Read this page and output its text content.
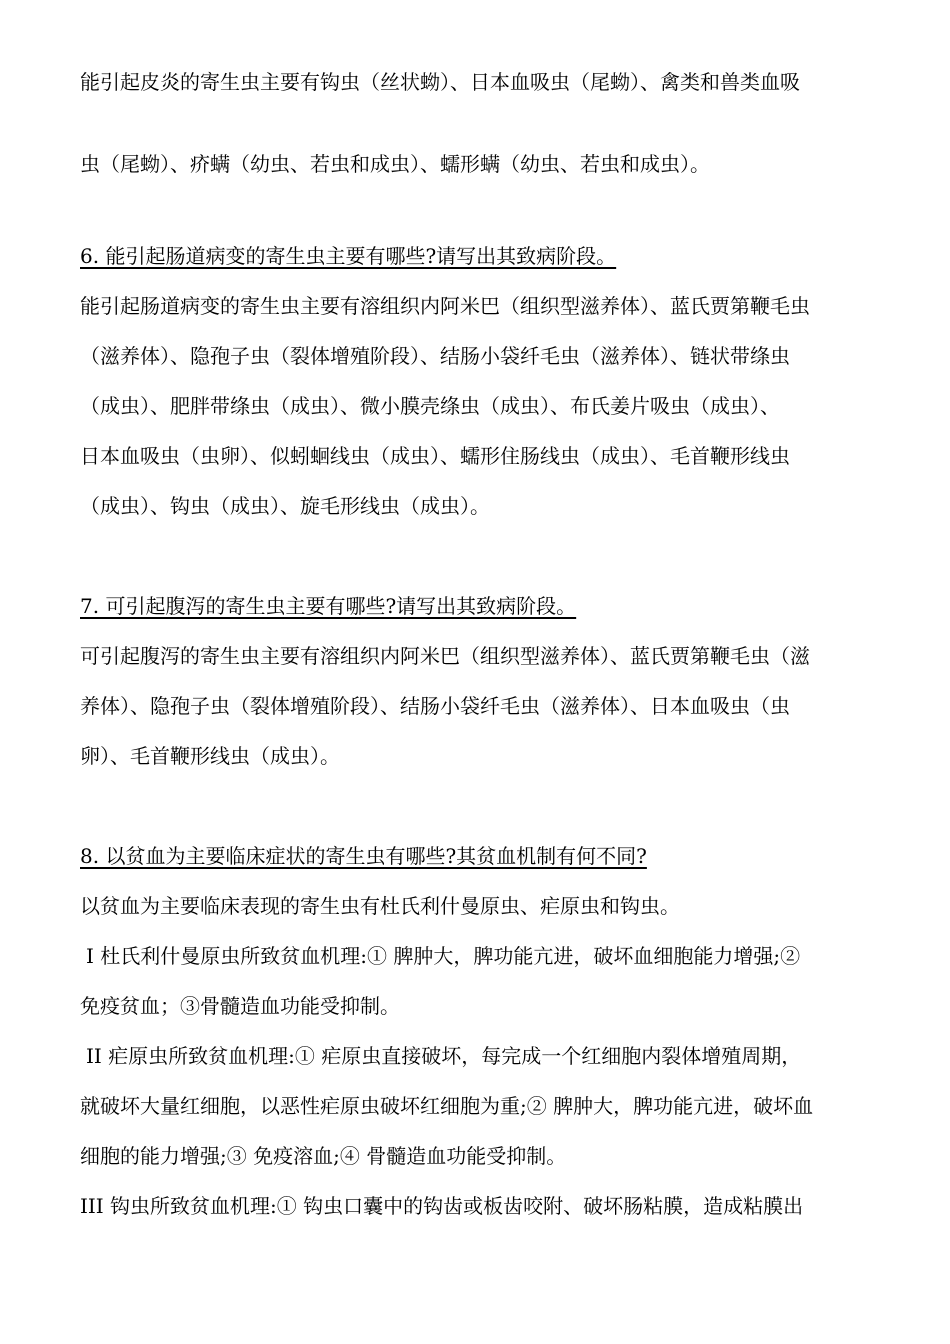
能引起皮炎的寄生虫主要有钩虫（丝状蚴）、日本血吸虫（尾蚴）、禽类和兽类血吸
虫（尾蚴）、疥螨（幼虫、若虫和成虫）、蠕形螨（幼虫、若虫和成虫）。
6. 能引起肠道病变的寄生虫主要有哪些?请写出其致病阶段。
能引起肠道病变的寄生虫主要有溶组织内阿米巴（组织型滋养体）、蓝氏贾第鞭毛虫
（滋养体）、隐孢子虫（裂体增殖阶段）、结肠小袋纤毛虫（滋养体）、链状带绦虫
（成虫）、肥胖带绦虫（成虫）、微小膜壳绦虫（成虫）、布氏姜片吸虫（成虫）、
日本血吸虫（虫卵）、似蚓蛔线虫（成虫）、蠕形住肠线虫（成虫）、毛首鞭形线虫
（成虫）、钩虫（成虫）、旋毛形线虫（成虫）。
7. 可引起腹泻的寄生虫主要有哪些?请写出其致病阶段。
可引起腹泻的寄生虫主要有溶组织内阿米巴（组织型滋养体）、蓝氏贾第鞭毛虫（滋
养体）、隐孢子虫（裂体增殖阶段）、结肠小袋纤毛虫（滋养体）、日本血吸虫（虫
卵）、毛首鞭形线虫（成虫）。
8. 以贫血为主要临床症状的寄生虫有哪些?其贫血机制有何不同?
以贫血为主要临床表现的寄生虫有杜氏利什曼原虫、疟原虫和钩虫。
I 杜氏利什曼原虫所致贫血机理:① 脾肿大，脾功能亢进，破坏血细胞能力增强;②
免疫贫血；③骨髓造血功能受抑制。
II 疟原虫所致贫血机理:① 疟原虫直接破坏，每完成一个红细胞内裂体增殖周期，
就破坏大量红细胞，以恶性疟原虫破坏红细胞为重;② 脾肿大，脾功能亢进，破坏血
细胞的能力增强;③ 免疫溶血;④ 骨髓造血功能受抑制。
III 钩虫所致贫血机理:① 钩虫口囊中的钩齿或板齿咬附、破坏肠粘膜，造成粘膜出
